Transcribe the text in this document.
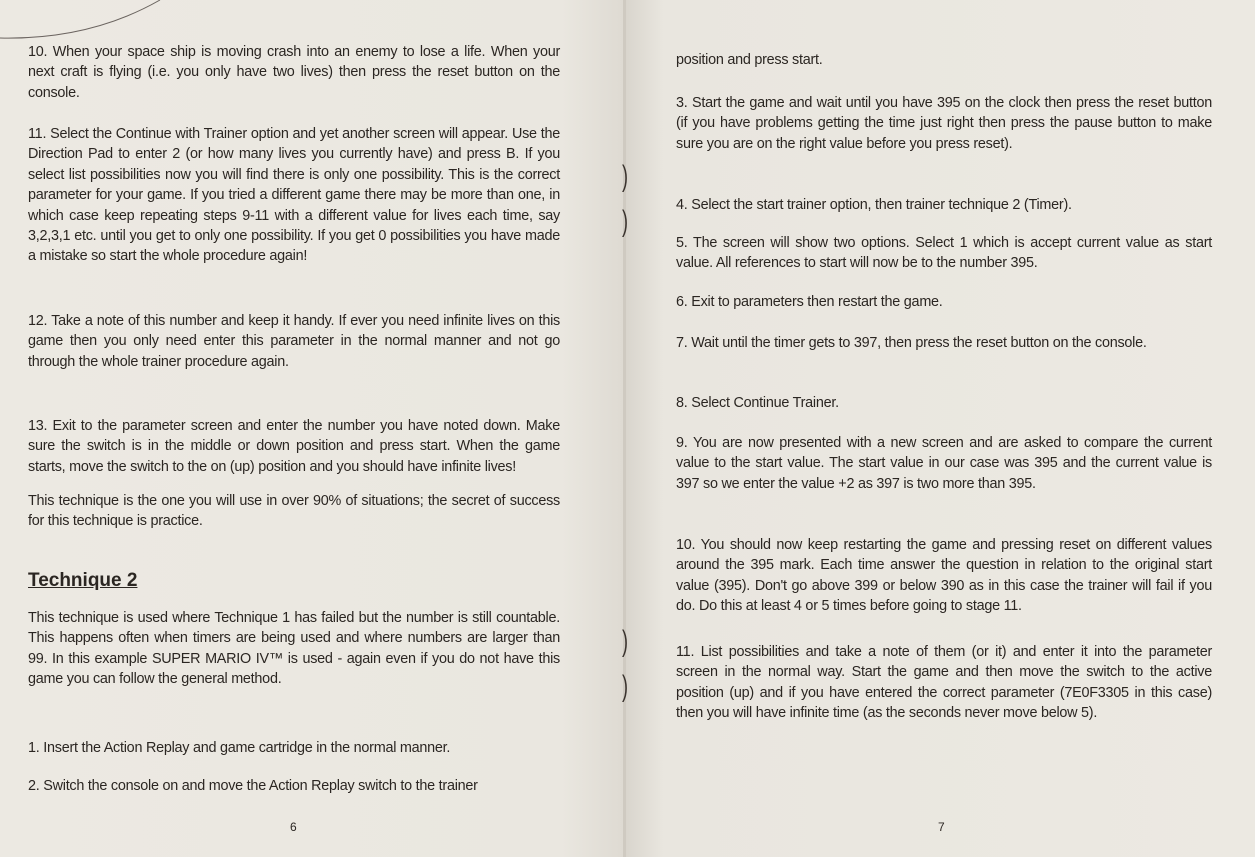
10. When your space ship is moving crash into an enemy to lose a life. When your next craft is flying (i.e. you only have two lives) then press the reset button on the console.

11. Select the Continue with Trainer option and yet another screen will appear. Use the Direction Pad to enter 2 (or how many lives you currently have) and press B. If you select list possibilities now you will find there is only one possibility. This is the correct parameter for your game. If you tried a different game there may be more than one, in which case keep repeating steps 9-11 with a different value for lives each time, say 3,2,3,1 etc. until you get to only one possibility. If you get 0 possibilities you have made a mistake so start the whole procedure again!

12. Take a note of this number and keep it handy. If ever you need infinite lives on this game then you only need enter this parameter in the normal manner and not go through the whole trainer procedure again.

13. Exit to the parameter screen and enter the number you have noted down. Make sure the switch is in the middle or down position and press start. When the game starts, move the switch to the on (up) position and you should have infinite lives!

This technique is the one you will use in over 90% of situations; the secret of success for this technique is practice.

Technique 2

This technique is used where Technique 1 has failed but the number is still countable. This happens often when timers are being used and where numbers are larger than 99. In this example SUPER MARIO IV™ is used - again even if you do not have this game you can follow the general method.

1. Insert the Action Replay and game cartridge in the normal manner.

2. Switch the console on and move the Action Replay switch to the trainer

6

position and press start.

3. Start the game and wait until you have 395 on the clock then press the reset button (if you have problems getting the time just right then press the pause button to make sure you are on the right value before you press reset).

4. Select the start trainer option, then trainer technique 2 (Timer).

5. The screen will show two options. Select 1 which is accept current value as start value. All references to start will now be to the number 395.

6. Exit to parameters then restart the game.

7. Wait until the timer gets to 397, then press the reset button on the console.

8. Select Continue Trainer.

9. You are now presented with a new screen and are asked to compare the current value to the start value. The start value in our case was 395 and the current value is 397 so we enter the value +2 as 397 is two more than 395.

10. You should now keep restarting the game and pressing reset on different values around the 395 mark. Each time answer the question in relation to the original start value (395). Don't go above 399 or below 390 as in this case the trainer will fail if you do. Do this at least 4 or 5 times before going to stage 11.

11. List possibilities and take a note of them (or it) and enter it into the parameter screen in the normal way. Start the game and then move the switch to the active position (up) and if you have entered the correct parameter (7E0F3305 in this case) then you will have infinite time (as the seconds never move below 5).

7
)
)
)
)
